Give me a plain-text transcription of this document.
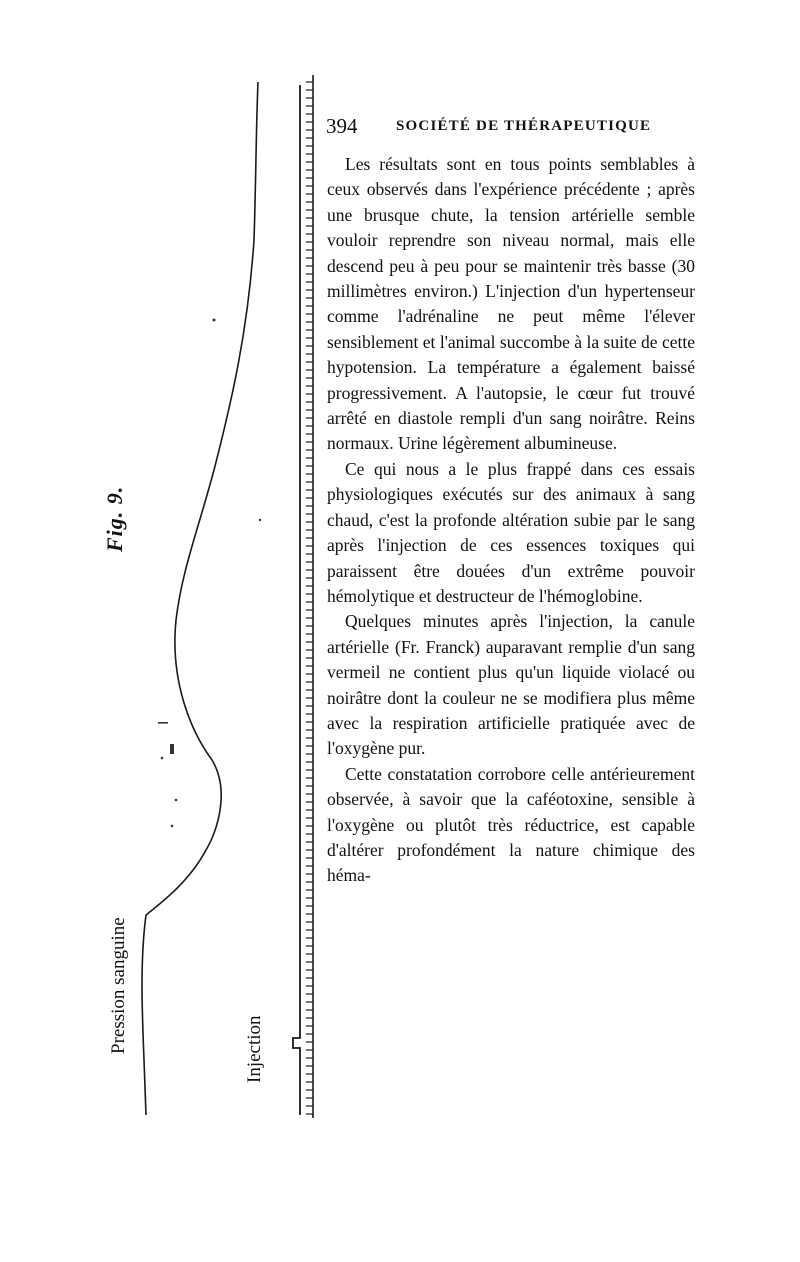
Fig. 9.
Pression sanguine	Injection
394	SOCIÉTÉ DE THÉRAPEUTIQUE

Les résultats sont en tous points semblables à ceux observés dans l'expérience précédente ; après une brusque chute, la tension artérielle semble vouloir reprendre son niveau normal, mais elle descend peu à peu pour se maintenir très basse (30 millimètres environ.) L'injection d'un hypertenseur comme l'adrénaline ne peut même l'élever sensiblement et l'animal succombe à la suite de cette hypotension. La température a également baissé progressivement. A l'autopsie, le cœur fut trouvé arrêté en diastole rempli d'un sang noirâtre. Reins normaux. Urine légèrement albumineuse.

Ce qui nous a le plus frappé dans ces essais physiologiques exécutés sur des animaux à sang chaud, c'est la profonde altération subie par le sang après l'injection de ces essences toxiques qui paraissent être douées d'un extrême pouvoir hémolytique et destructeur de l'hémoglobine.

Quelques minutes après l'injection, la canule artérielle (Fr. Franck) auparavant remplie d'un sang vermeil ne contient plus qu'un liquide violacé ou noirâtre dont la couleur ne se modifiera plus même avec la respiration artificielle pratiquée avec de l'oxygène pur.

Cette constatation corrobore celle antérieurement observée, à savoir que la caféotoxine, sensible à l'oxygène ou plutôt très réductrice, est capable d'altérer profondément la nature chimique des héma-
